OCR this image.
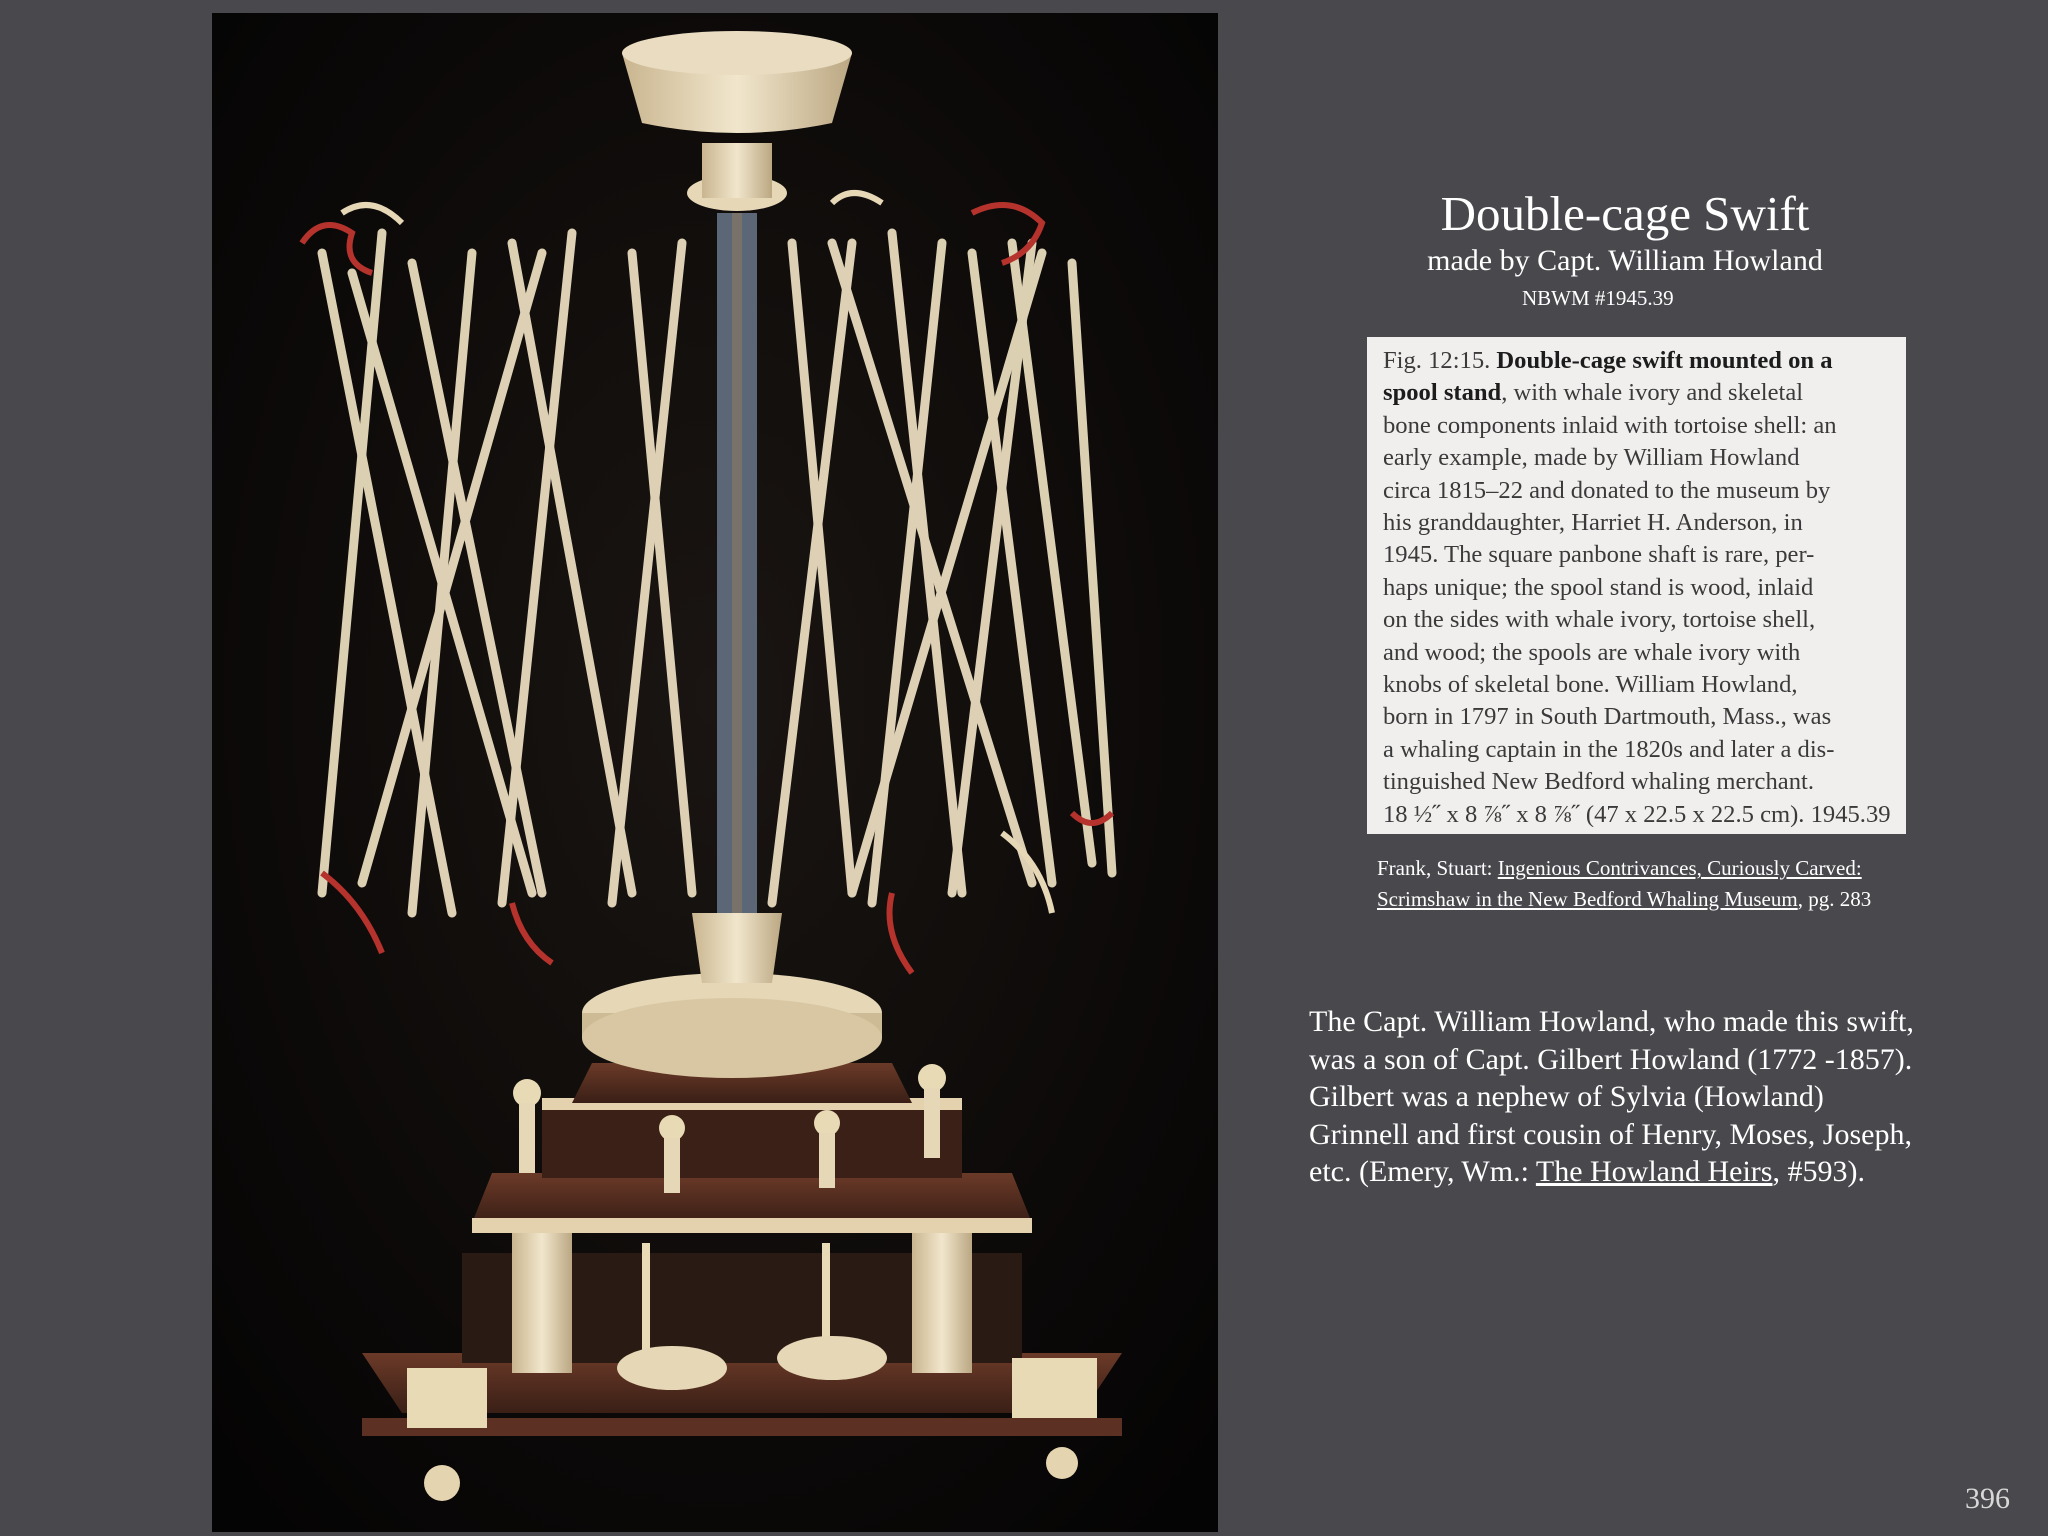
Double-cage Swift
made by Capt. William Howland
NBWM #1945.39
Fig. 12:15. Double-cage swift mounted on a
spool stand, with whale ivory and skeletal
bone components inlaid with tortoise shell: an
early example, made by William Howland
circa 1815–22 and donated to the museum by
his granddaughter, Harriet H. Anderson, in
1945. The square panbone shaft is rare, per-
haps unique; the spool stand is wood, inlaid
on the sides with whale ivory, tortoise shell,
and wood; the spools are whale ivory with
knobs of skeletal bone. William Howland,
born in 1797 in South Dartmouth, Mass., was
a whaling captain in the 1820s and later a dis-
tinguished New Bedford whaling merchant.
18 ½˝ x 8 ⅞˝ x 8 ⅞˝ (47 x 22.5 x 22.5 cm). 1945.39
Frank, Stuart: Ingenious Contrivances, Curiously Carved:
Scrimshaw in the New Bedford Whaling Museum, pg. 283
The Capt. William Howland, who made this swift,
was a son of Capt. Gilbert Howland (1772 -1857).
Gilbert was a nephew of Sylvia (Howland)
Grinnell and first cousin of Henry, Moses, Joseph,
etc. (Emery, Wm.: The Howland Heirs, #593).
396
